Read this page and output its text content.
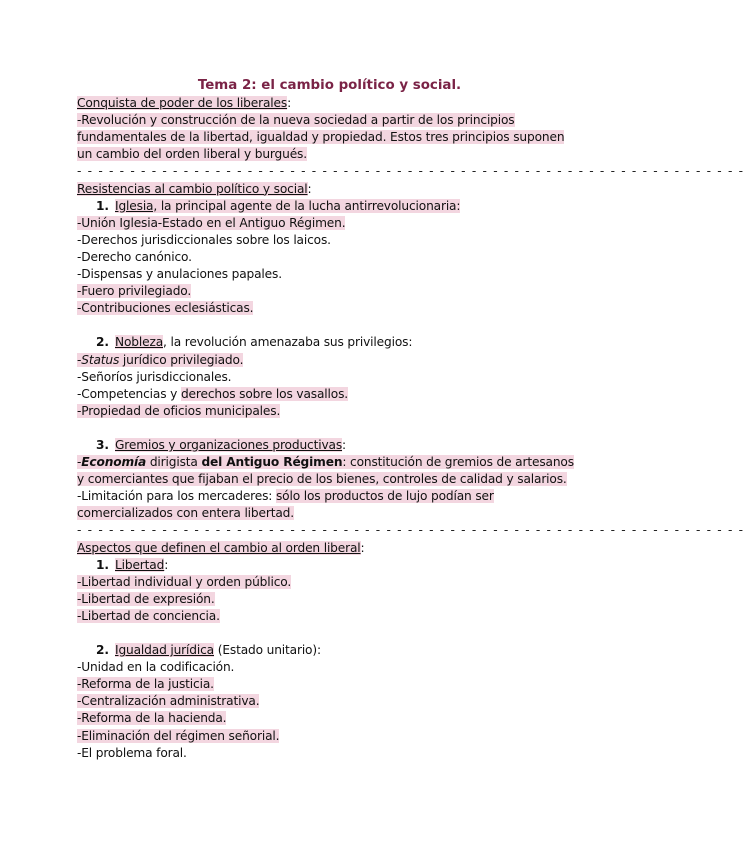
Tema 2: el cambio político y social.

Conquista de poder de los liberales:

-Revolución y construcción de la nueva sociedad a partir de los principios fundamentales de la libertad, igualdad y propiedad. Estos tres principios suponen un cambio del orden liberal y burgués.

- - - - - - - - - - - - - - - - - - - - - - - - - - - - - - - - - - - - - - - - - - - - - - - - - - - - - - - - - - - - - - -

Resistencias al cambio político y social:

1. Iglesia, la principal agente de la lucha antirrevolucionaria:

-Unión Iglesia-Estado en el Antiguo Régimen.

-Derechos jurisdiccionales sobre los laicos.

-Derecho canónico.

-Dispensas y anulaciones papales.

-Fuero privilegiado.

-Contribuciones eclesiásticas.

2. Nobleza, la revolución amenazaba sus privilegios:

-Status jurídico privilegiado.

-Señoríos jurisdiccionales.

-Competencias y derechos sobre los vasallos.

-Propiedad de oficios municipales.

3. Gremios y organizaciones productivas:

-Economía dirigista del Antiguo Régimen: constitución de gremios de artesanos y comerciantes que fijaban el precio de los bienes, controles de calidad y salarios.

-Limitación para los mercaderes: sólo los productos de lujo podían ser comercializados con entera libertad.

- - - - - - - - - - - - - - - - - - - - - - - - - - - - - - - - - - - - - - - - - - - - - - - - - - - - - - - - - - - - - - -

Aspectos que definen el cambio al orden liberal:

1. Libertad:

-Libertad individual y orden público.

-Libertad de expresión.

-Libertad de conciencia.

2. Igualdad jurídica (Estado unitario):

-Unidad en la codificación.

-Reforma de la justicia.

-Centralización administrativa.

-Reforma de la hacienda.

-Eliminación del régimen señorial.

-El problema foral.
